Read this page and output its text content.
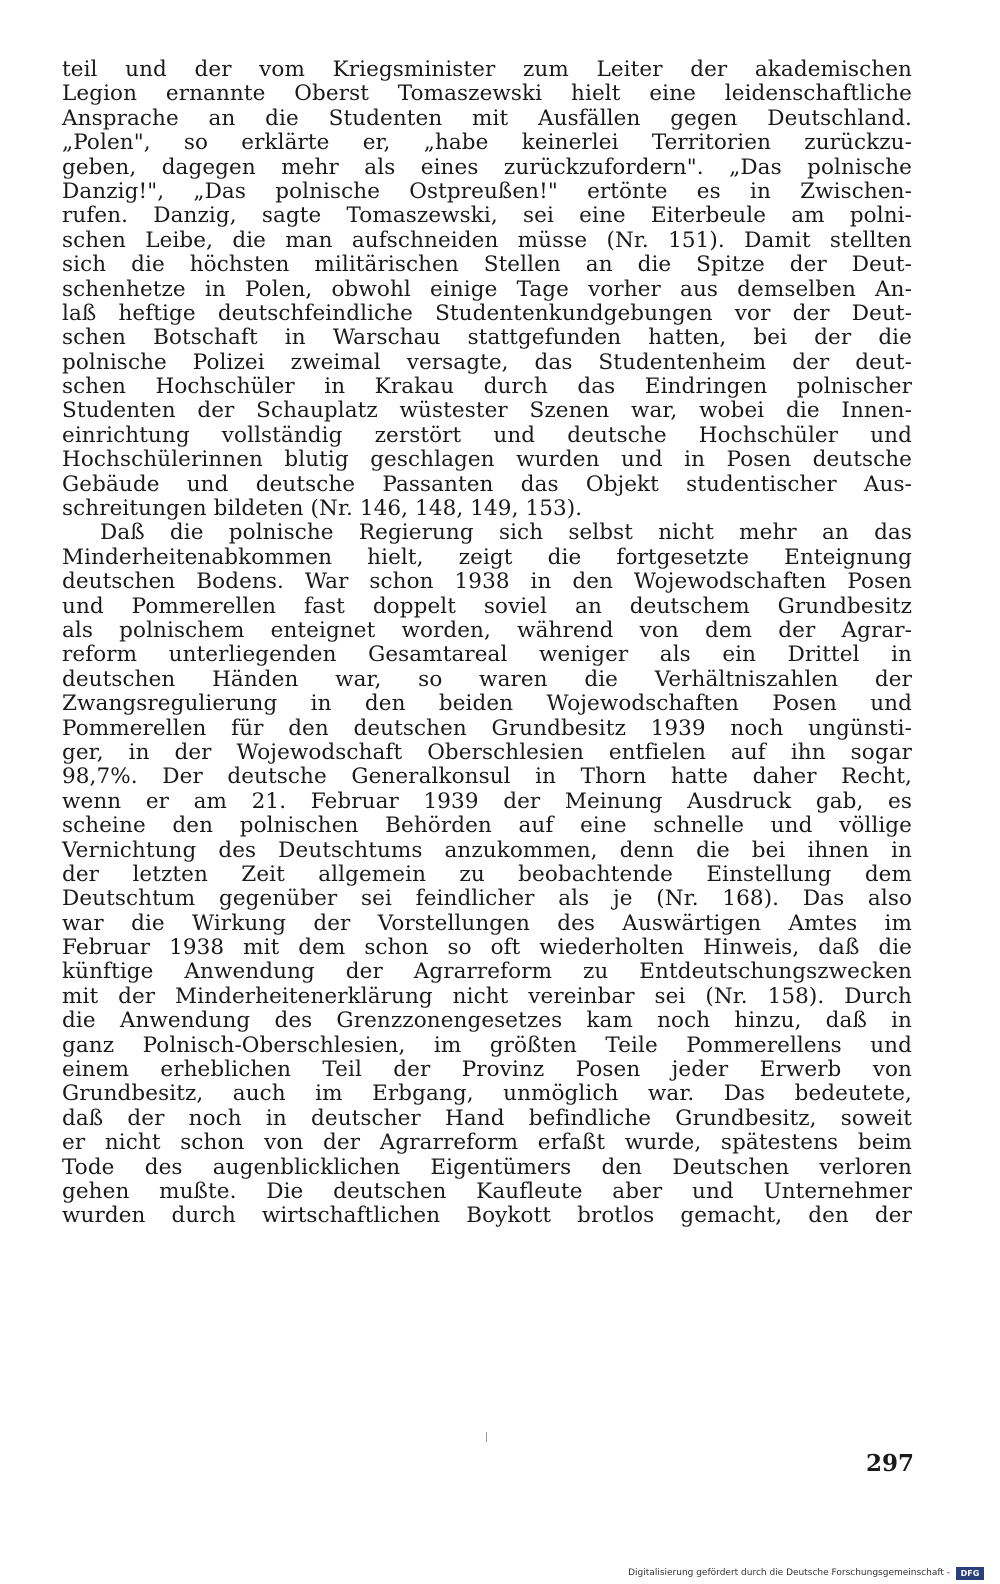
teil und der vom Kriegsminister zum Leiter der akademischen
Legion ernannte Oberst Tomaszewski hielt eine leidenschaftliche
Ansprache an die Studenten mit Ausfällen gegen Deutschland.
„Polen", so erklärte er, „habe keinerlei Territorien zurückzu-
geben, dagegen mehr als eines zurückzufordern". „Das polnische
Danzig!", „Das polnische Ostpreußen!" ertönte es in Zwischen-
rufen. Danzig, sagte Tomaszewski, sei eine Eiterbeule am polni-
schen Leibe, die man aufschneiden müsse (Nr. 151). Damit stellten
sich die höchsten militärischen Stellen an die Spitze der Deut-
schenhetze in Polen, obwohl einige Tage vorher aus demselben An-
laß heftige deutschfeindliche Studentenkundgebungen vor der Deut-
schen Botschaft in Warschau stattgefunden hatten, bei der die
polnische Polizei zweimal versagte, das Studentenheim der deut-
schen Hochschüler in Krakau durch das Eindringen polnischer
Studenten der Schauplatz wüstester Szenen war, wobei die Innen-
einrichtung vollständig zerstört und deutsche Hochschüler und
Hochschülerinnen blutig geschlagen wurden und in Posen deutsche
Gebäude und deutsche Passanten das Objekt studentischer Aus-
schreitungen bildeten (Nr. 146, 148, 149, 153).
Daß die polnische Regierung sich selbst nicht mehr an das
Minderheitenabkommen hielt, zeigt die fortgesetzte Enteignung
deutschen Bodens. War schon 1938 in den Wojewodschaften Posen
und Pommerellen fast doppelt soviel an deutschem Grundbesitz
als polnischem enteignet worden, während von dem der Agrar-
reform unterliegenden Gesamtareal weniger als ein Drittel in
deutschen Händen war, so waren die Verhältniszahlen der
Zwangsregulierung in den beiden Wojewodschaften Posen und
Pommerellen für den deutschen Grundbesitz 1939 noch ungünsti-
ger, in der Wojewodschaft Oberschlesien entfielen auf ihn sogar
98,7%. Der deutsche Generalkonsul in Thorn hatte daher Recht,
wenn er am 21. Februar 1939 der Meinung Ausdruck gab, es
scheine den polnischen Behörden auf eine schnelle und völlige
Vernichtung des Deutschtums anzukommen, denn die bei ihnen in
der letzten Zeit allgemein zu beobachtende Einstellung dem
Deutschtum gegenüber sei feindlicher als je (Nr. 168). Das also
war die Wirkung der Vorstellungen des Auswärtigen Amtes im
Februar 1938 mit dem schon so oft wiederholten Hinweis, daß die
künftige Anwendung der Agrarreform zu Entdeutschungszwecken
mit der Minderheitenerklärung nicht vereinbar sei (Nr. 158). Durch
die Anwendung des Grenzzonengesetzes kam noch hinzu, daß in
ganz Polnisch-Oberschlesien, im größten Teile Pommerellens und
einem erheblichen Teil der Provinz Posen jeder Erwerb von
Grundbesitz, auch im Erbgang, unmöglich war. Das bedeutete,
daß der noch in deutscher Hand befindliche Grundbesitz, soweit
er nicht schon von der Agrarreform erfaßt wurde, spätestens beim
Tode des augenblicklichen Eigentümers den Deutschen verloren
gehen mußte. Die deutschen Kaufleute aber und Unternehmer
wurden durch wirtschaftlichen Boykott brotlos gemacht, den der
297
Digitalisierung gefördert durch die Deutsche Forschungsgemeinschaft -	DFG
